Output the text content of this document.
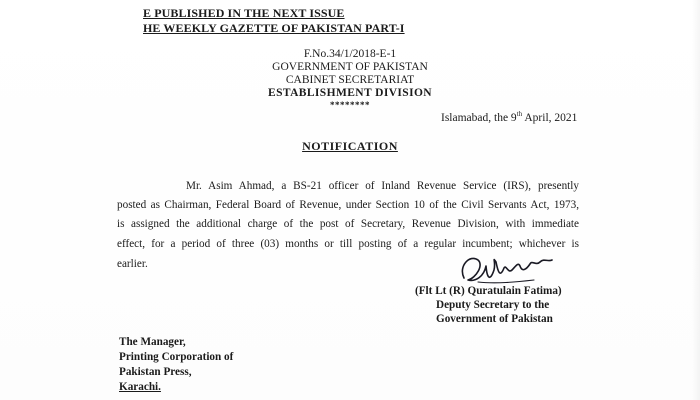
E PUBLISHED IN THE NEXT ISSUE
HE WEEKLY GAZETTE OF PAKISTAN PART-I
F.No.34/1/2018-E-1
GOVERNMENT OF PAKISTAN
CABINET SECRETARIAT
ESTABLISHMENT DIVISION
********
Islamabad, the 9th April, 2021
NOTIFICATION
Mr. Asim Ahmad, a BS-21 officer of Inland Revenue Service (IRS), presently
posted as Chairman, Federal Board of Revenue, under Section 10 of the Civil Servants Act, 1973,
is assigned the additional charge of the post of Secretary, Revenue Division, with immediate
effect, for a period of three (03) months or till posting of a regular incumbent; whichever is
earlier.
(Flt Lt (R) Quratulain Fatima)
Deputy Secretary to the
Government of Pakistan
The Manager,
Printing Corporation of
Pakistan Press,
Karachi.
